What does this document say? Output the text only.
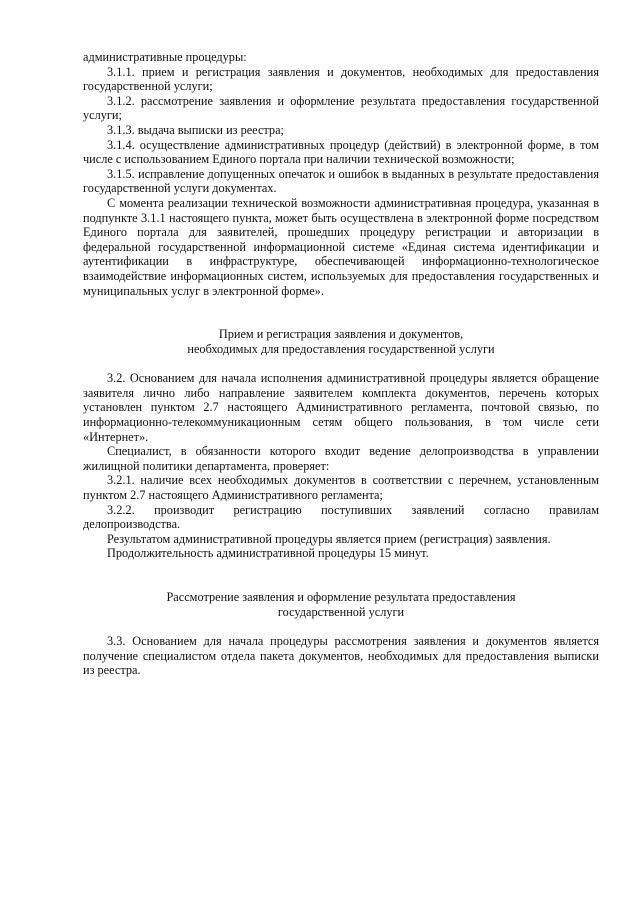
административные процедуры:

3.1.1. прием и регистрация заявления и документов, необходимых для предоставления государственной услуги;

3.1.2. рассмотрение заявления и оформление результата предоставления государственной услуги;

3.1.3. выдача выписки из реестра;

3.1.4. осуществление административных процедур (действий) в электронной форме, в том числе с использованием Единого портала при наличии технической возможности;

3.1.5. исправление допущенных опечаток и ошибок в выданных в результате предоставления государственной услуги документах.

С момента реализации технической возможности административная процедура, указанная в подпункте 3.1.1 настоящего пункта, может быть осуществлена в электронной форме посредством Единого портала для заявителей, прошедших процедуру регистрации и авторизации в федеральной государственной информационной системе «Единая система идентификации и аутентификации в инфраструктуре, обеспечивающей информационно-технологическое взаимодействие информационных систем, используемых для предоставления государственных и муниципальных услуг в электронной форме».

Прием и регистрация заявления и документов,

необходимых для предоставления государственной услуги

3.2. Основанием для начала исполнения административной процедуры является обращение заявителя лично либо направление заявителем комплекта документов, перечень которых установлен пунктом 2.7 настоящего Административного регламента, почтовой связью, по информационно-телекоммуникационным сетям общего пользования, в том числе сети «Интернет».

Специалист, в обязанности которого входит ведение делопроизводства в управлении жилищной политики департамента, проверяет:

3.2.1. наличие всех необходимых документов в соответствии с перечнем, установленным пунктом 2.7 настоящего Административного регламента;

3.2.2. производит регистрацию поступивших заявлений согласно правилам делопроизводства.

Результатом административной процедуры является прием (регистрация) заявления.

Продолжительность административной процедуры 15 минут.

Рассмотрение заявления и оформление результата предоставления

государственной услуги

3.3. Основанием для начала процедуры рассмотрения заявления и документов является получение специалистом отдела пакета документов, необходимых для предоставления выписки из реестра.
